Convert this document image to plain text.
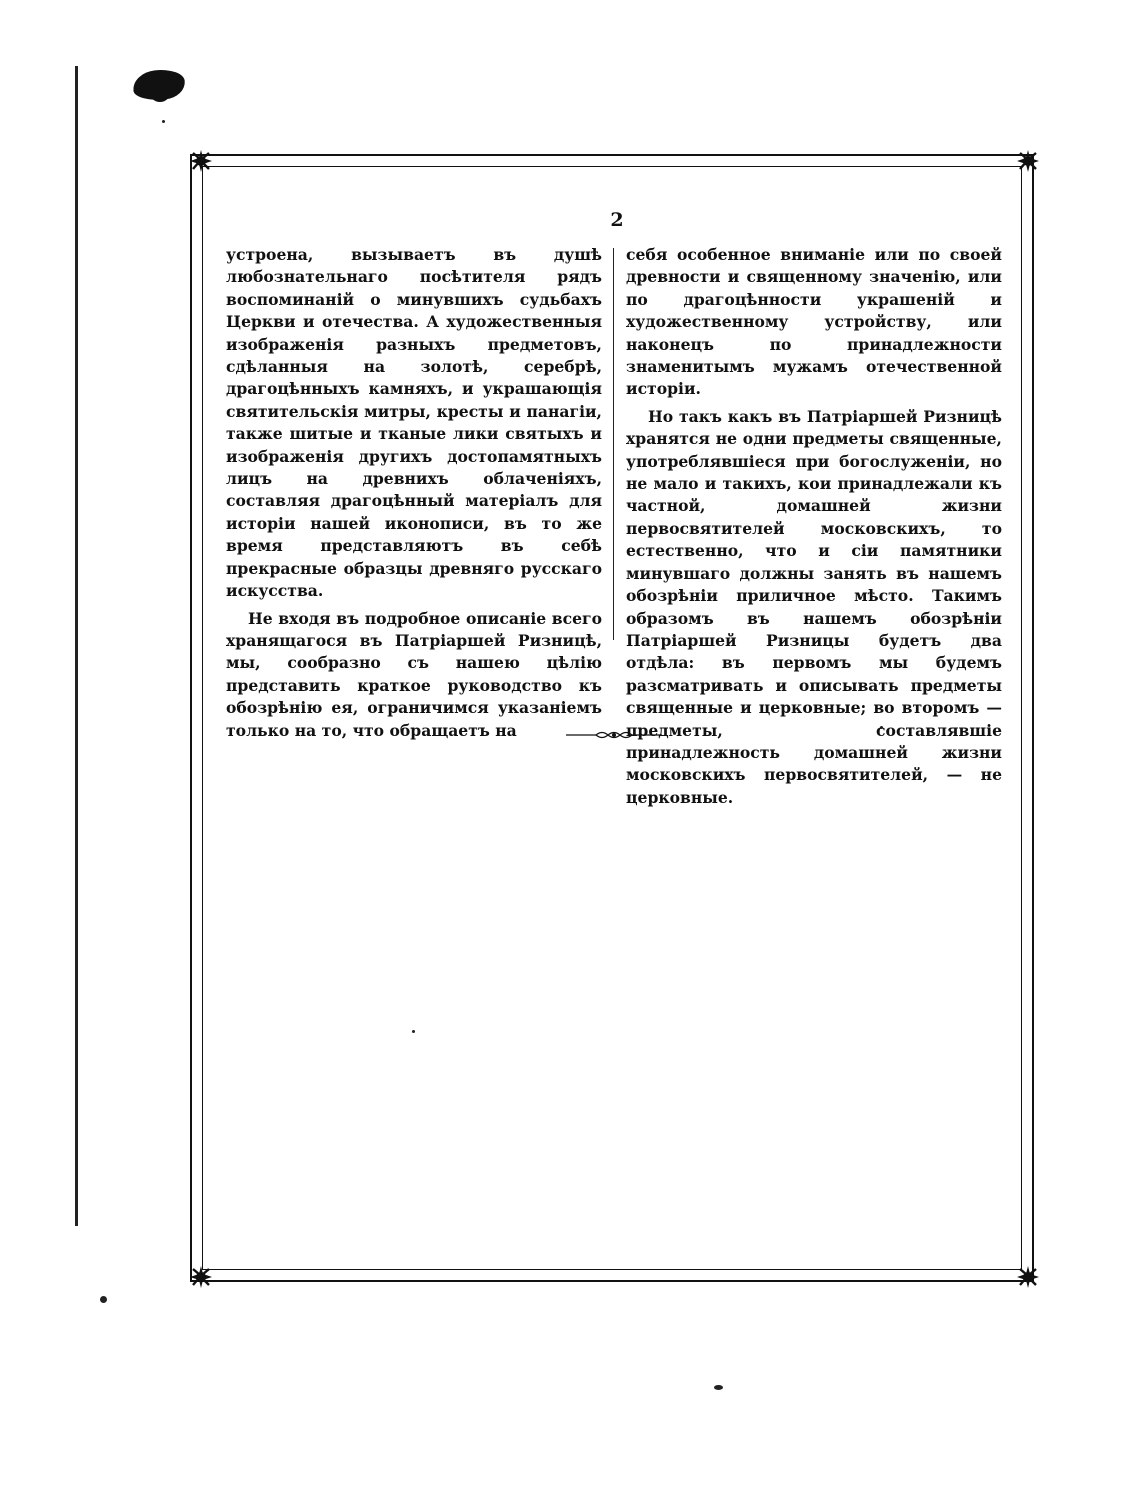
2

устроена, вызываетъ въ душѣ любознательнаго посѣтителя рядъ воспоминаній о минувшихъ судьбахъ Церкви и отечества. А художественныя изображенія разныхъ предметовъ, сдѣланныя на золотѣ, серебрѣ, драгоцѣнныхъ камняхъ, и украшающія святительскія митры, кресты и панагіи, также шитые и тканые лики святыхъ и изображенія другихъ достопамятныхъ лицъ на древнихъ облаченіяхъ, составляя драгоцѣнный матеріалъ для исторіи нашей иконописи, въ то же время представляютъ въ себѣ прекрасные образцы древняго русскаго искусства.

Не входя въ подробное описаніе всего хранящагося въ Патріаршей Ризницѣ, мы, сообразно съ нашею цѣлію представить краткое руководство къ обозрѣнію ея, ограничимся указаніемъ только на то, что обращаетъ на

себя особенное вниманіе или по своей древности и священному значенію, или по драгоцѣнности украшеній и художественному устройству, или наконецъ по принадлежности знаменитымъ мужамъ отечественной исторіи.

Но такъ какъ въ Патріаршей Ризницѣ хранятся не одни предметы священные, употреблявшіеся при богослуженіи, но не мало и такихъ, кои принадлежали къ частной, домашней жизни первосвятителей московскихъ, то естественно, что и сіи памятники минувшаго должны занять въ нашемъ обозрѣніи приличное мѣсто. Такимъ образомъ въ нашемъ обозрѣніи Патріаршей Ризницы будетъ два отдѣла: въ первомъ мы будемъ разсматривать и описывать предметы священные и церковные; во второмъ — предметы, составлявшіе принадлежность домашней жизни московскихъ первосвятителей, — не церковные.
